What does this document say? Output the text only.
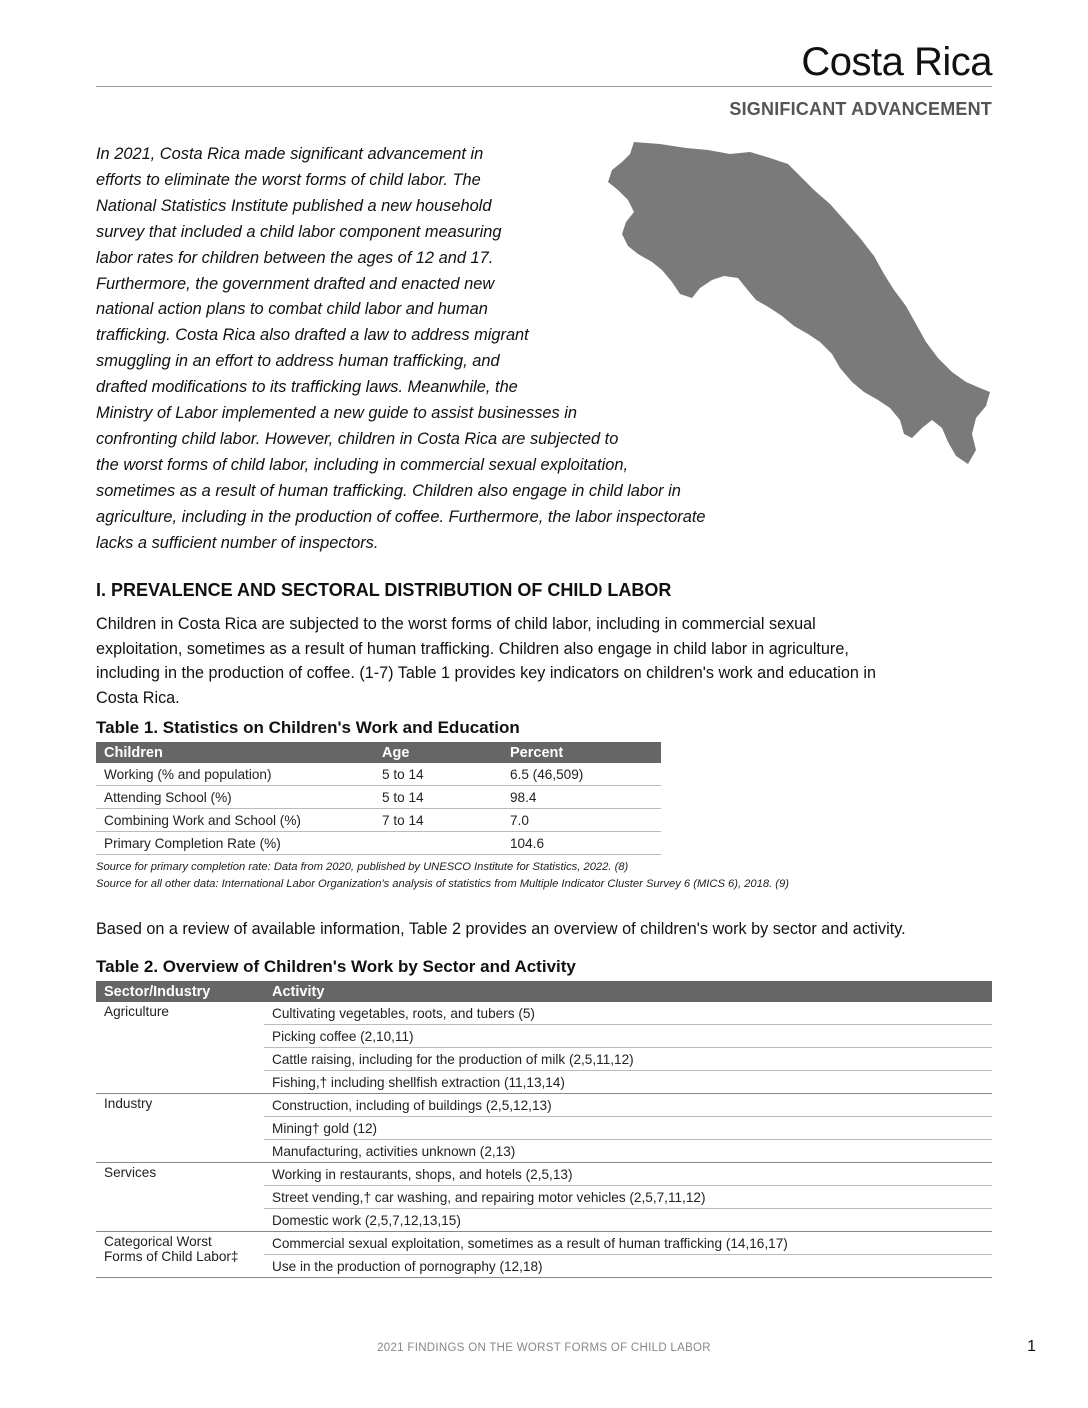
Costa Rica
SIGNIFICANT ADVANCEMENT

In 2021, Costa Rica made significant advancement in
efforts to eliminate the worst forms of child labor. The
National Statistics Institute published a new household
survey that included a child labor component measuring
labor rates for children between the ages of 12 and 17.
Furthermore, the government drafted and enacted new
national action plans to combat child labor and human
trafficking. Costa Rica also drafted a law to address migrant
smuggling in an effort to address human trafficking, and
drafted modifications to its trafficking laws. Meanwhile, the
Ministry of Labor implemented a new guide to assist businesses in
confronting child labor. However, children in Costa Rica are subjected to
the worst forms of child labor, including in commercial sexual exploitation,
sometimes as a result of human trafficking. Children also engage in child labor in
agriculture, including in the production of coffee. Furthermore, the labor inspectorate
lacks a sufficient number of inspectors.

I. PREVALENCE AND SECTORAL DISTRIBUTION OF CHILD LABOR

Children in Costa Rica are subjected to the worst forms of child labor, including in commercial sexual
exploitation, sometimes as a result of human trafficking. Children also engage in child labor in agriculture,
including in the production of coffee. (1-7) Table 1 provides key indicators on children's work and education in
Costa Rica.

Table 1. Statistics on Children's Work and Education
Children	Age	Percent
Working (% and population)	5 to 14	6.5 (46,509)
Attending School (%)	5 to 14	98.4
Combining Work and School (%)	7 to 14	7.0
Primary Completion Rate (%)		104.6

Source for primary completion rate: Data from 2020, published by UNESCO Institute for Statistics, 2022. (8)
Source for all other data: International Labor Organization's analysis of statistics from Multiple Indicator Cluster Survey 6 (MICS 6), 2018. (9)

Based on a review of available information, Table 2 provides an overview of children's work by sector and activity.

Table 2. Overview of Children's Work by Sector and Activity
Sector/Industry	Activity
Agriculture	Cultivating vegetables, roots, and tubers (5)
	Picking coffee (2,10,11)
	Cattle raising, including for the production of milk (2,5,11,12)
	Fishing,† including shellfish extraction (11,13,14)
Industry	Construction, including of buildings (2,5,12,13)
	Mining† gold (12)
	Manufacturing, activities unknown (2,13)
Services	Working in restaurants, shops, and hotels (2,5,13)
	Street vending,† car washing, and repairing motor vehicles (2,5,7,11,12)
	Domestic work (2,5,7,12,13,15)

Categorical Worst
Forms of Child Labor‡	Commercial sexual exploitation, sometimes as a result of human trafficking (14,16,17)
	Use in the production of pornography (12,18)
2021 FINDINGS ON THE WORST FORMS OF CHILD LABOR	1
